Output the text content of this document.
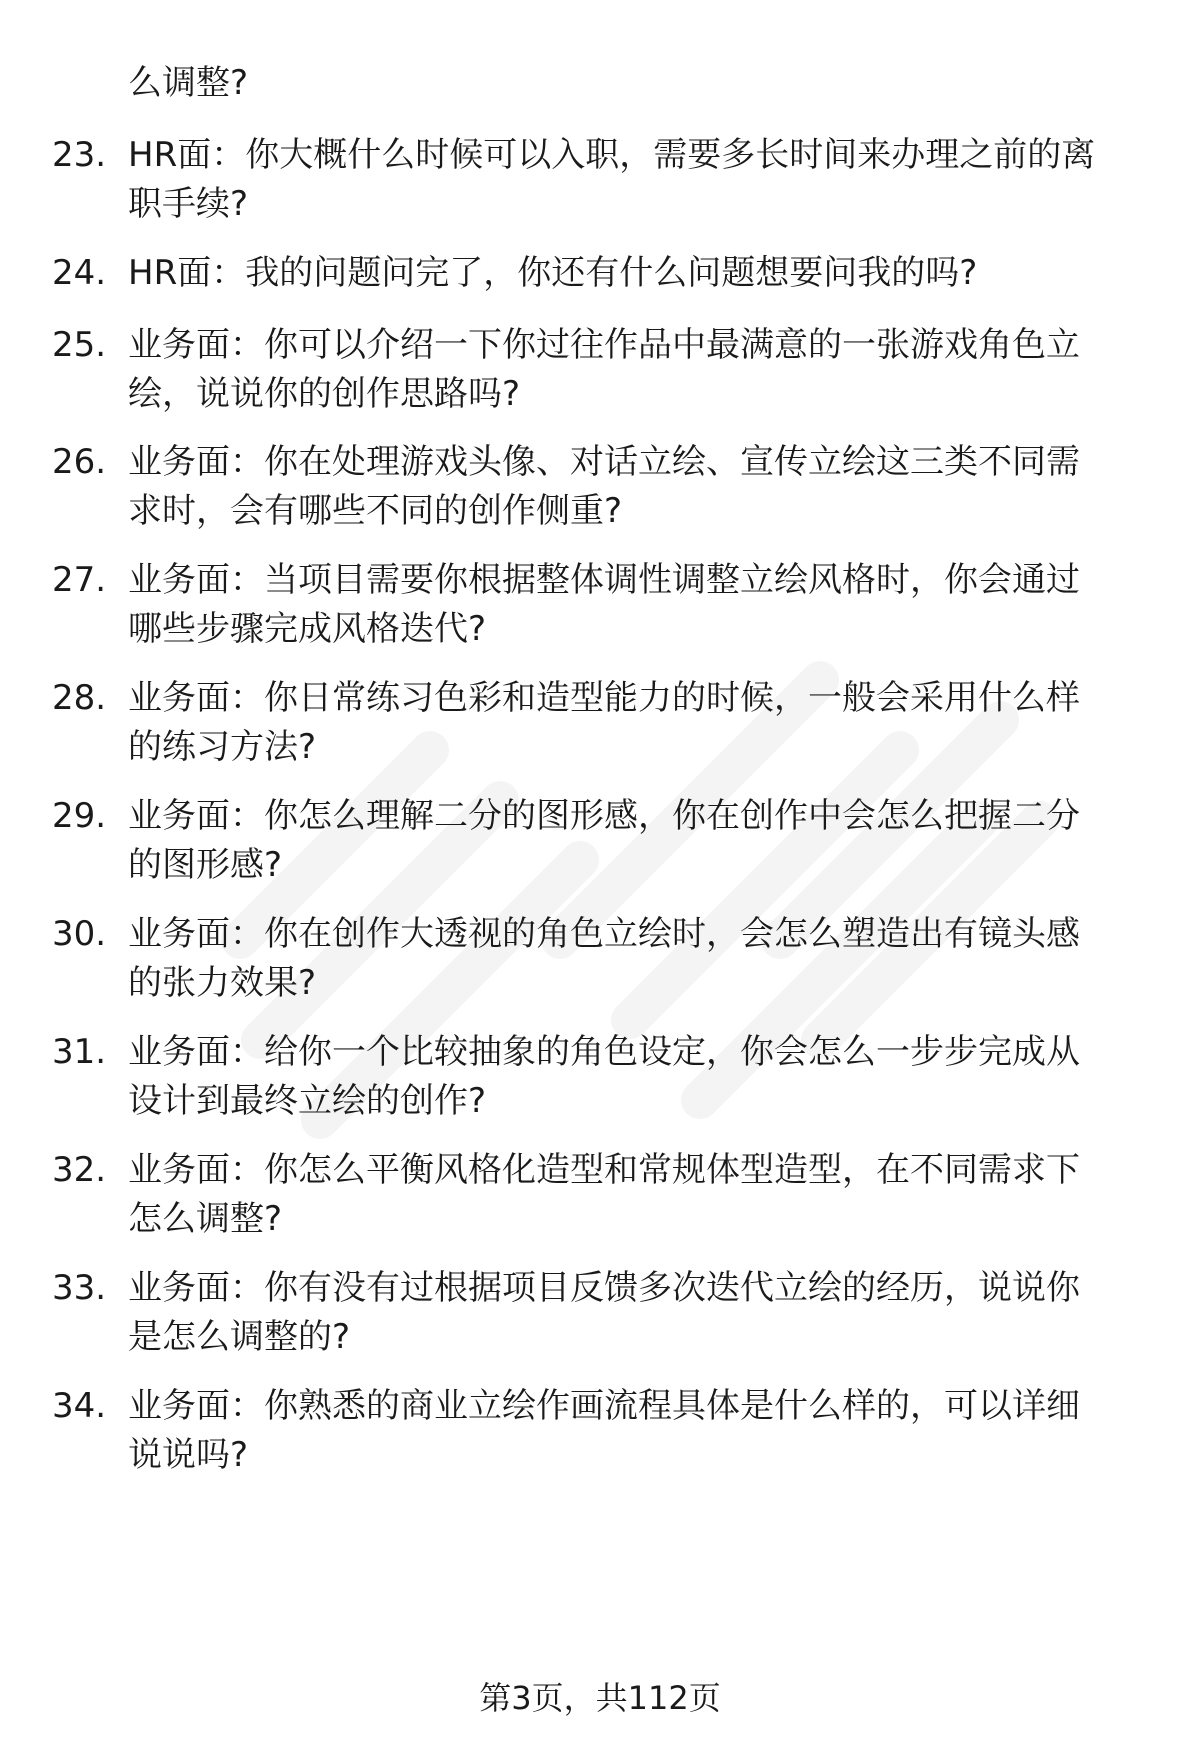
么调整?
23. HR面：你大概什么时候可以入职，需要多长时间来办理之前的离
职手续?
24. HR面：我的问题问完了，你还有什么问题想要问我的吗?
25. 业务面：你可以介绍一下你过往作品中最满意的一张游戏角色立
绘，说说你的创作思路吗?
26. 业务面：你在处理游戏头像、对话立绘、宣传立绘这三类不同需
求时，会有哪些不同的创作侧重?
27. 业务面：当项目需要你根据整体调性调整立绘风格时，你会通过
哪些步骤完成风格迭代?
28. 业务面：你日常练习色彩和造型能力的时候，一般会采用什么样
的练习方法?
29. 业务面：你怎么理解二分的图形感，你在创作中会怎么把握二分
的图形感?
30. 业务面：你在创作大透视的角色立绘时，会怎么塑造出有镜头感
的张力效果?
31. 业务面：给你一个比较抽象的角色设定，你会怎么一步步完成从
设计到最终立绘的创作?
32. 业务面：你怎么平衡风格化造型和常规体型造型，在不同需求下
怎么调整?
33. 业务面：你有没有过根据项目反馈多次迭代立绘的经历，说说你
是怎么调整的?
34. 业务面：你熟悉的商业立绘作画流程具体是什么样的，可以详细
说说吗?
第3页，共112页
